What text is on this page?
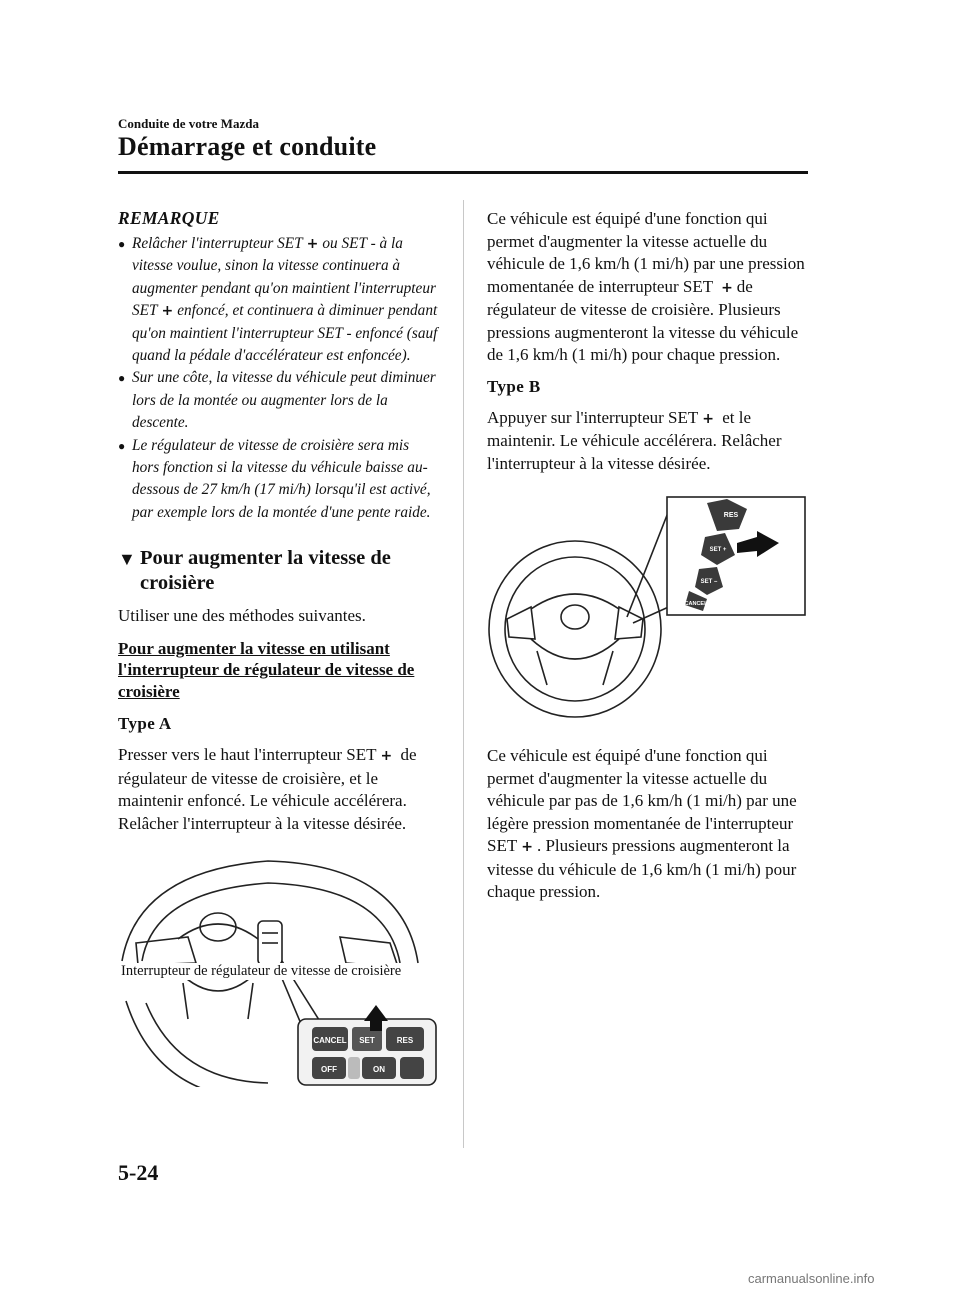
Conduite de votre Mazda
Démarrage et conduite
REMARQUE
● Relâcher l'interrupteur SET + ou SET - à la vitesse voulue, sinon la vitesse continuera à augmenter pendant qu'on maintient l'interrupteur SET + enfoncé, et continuera à diminuer pendant qu'on maintient l'interrupteur SET - enfoncé (sauf quand la pédale d'accélérateur est enfoncée).
● Sur une côte, la vitesse du véhicule peut diminuer lors de la montée ou augmenter lors de la descente.
● Le régulateur de vitesse de croisière sera mis hors fonction si la vitesse du véhicule baisse au-dessous de 27 km/h (17 mi/h) lorsqu'il est activé, par exemple lors de la montée d'une pente raide.
▼ Pour augmenter la vitesse de croisière

Utiliser une des méthodes suivantes.

Pour augmenter la vitesse en utilisant l'interrupteur de régulateur de vitesse de croisière

Type A

Presser vers le haut l'interrupteur SET + de régulateur de vitesse de croisière, et le maintenir enfoncé. Le véhicule accélérera. Relâcher l'interrupteur à la vitesse désirée.

CANCEL SET	RES
OFF	ON
Interrupteur de régulateur de vitesse de croisière

Ce véhicule est équipé d'une fonction qui permet d'augmenter la vitesse actuelle du véhicule de 1,6 km/h (1 mi/h) par une pression momentanée de interrupteur SET + de régulateur de vitesse de croisière. Plusieurs pressions augmenteront la vitesse du véhicule de 1,6 km/h (1 mi/h) pour chaque pression.

Type B

Appuyer sur l'interrupteur SET + et le maintenir. Le véhicule accélérera. Relâcher l'interrupteur à la vitesse désirée.

RES
SET +
SET –
CANCEL

Ce véhicule est équipé d'une fonction qui permet d'augmenter la vitesse actuelle du véhicule par pas de 1,6 km/h (1 mi/h) par une légère pression momentanée de l'interrupteur SET + . Plusieurs pressions augmenteront la vitesse du véhicule de 1,6 km/h (1 mi/h) pour chaque pression.

5-24
carmanualsonline.info
